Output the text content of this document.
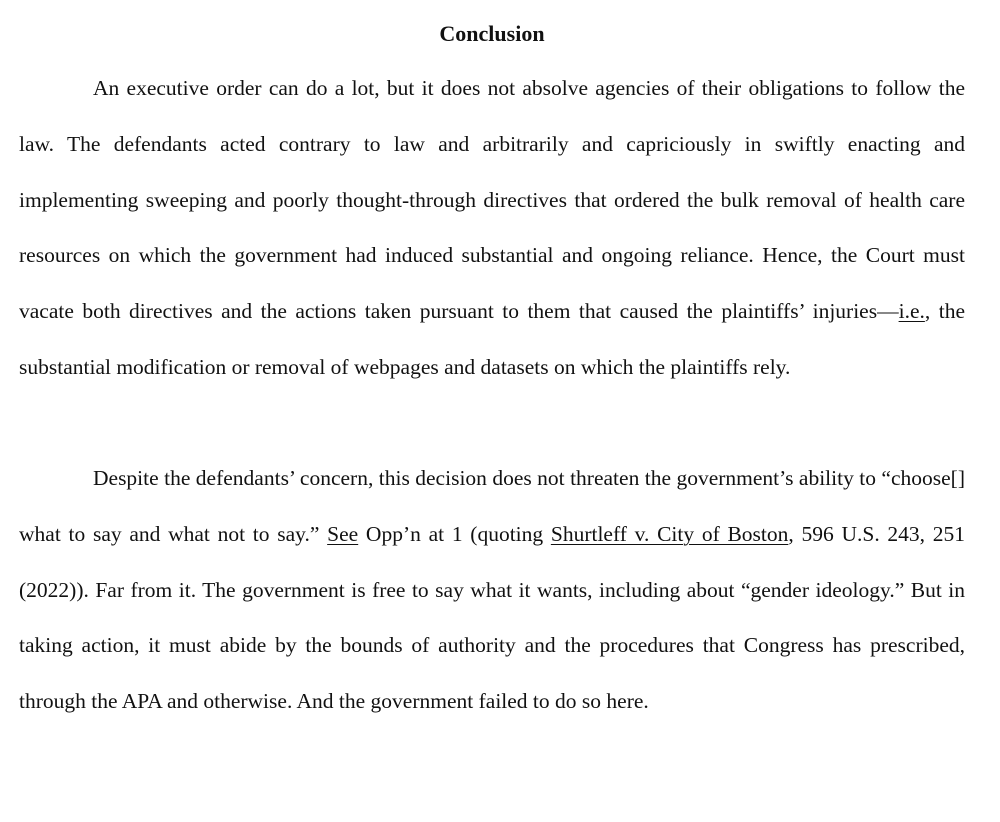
Conclusion

An executive order can do a lot, but it does not absolve agencies of their obligations to follow the law. The defendants acted contrary to law and arbitrarily and capriciously in swiftly enacting and implementing sweeping and poorly thought-through directives that ordered the bulk removal of health care resources on which the government had induced substantial and ongoing reliance. Hence, the Court must vacate both directives and the actions taken pursuant to them that caused the plaintiffs’ injuries—i.e., the substantial modification or removal of webpages and datasets on which the plaintiffs rely.

Despite the defendants’ concern, this decision does not threaten the government’s ability to “choose[] what to say and what not to say.” See Opp’n at 1 (quoting Shurtleff v. City of Boston, 596 U.S. 243, 251 (2022)). Far from it. The government is free to say what it wants, including about “gender ideology.” But in taking action, it must abide by the bounds of authority and the procedures that Congress has prescribed, through the APA and otherwise. And the government failed to do so here.
